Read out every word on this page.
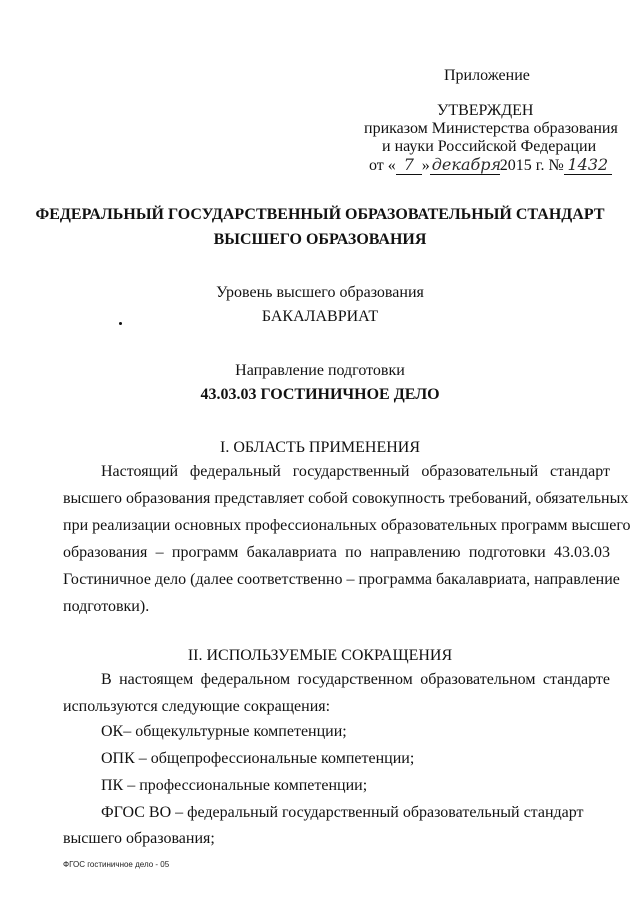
Приложение
УТВЕРЖДЕН
приказом Министерства образования
и науки Российской Федерации
от « 7 » декабря2015 г. № 1432
ФЕДЕРАЛЬНЫЙ ГОСУДАРСТВЕННЫЙ ОБРАЗОВАТЕЛЬНЫЙ СТАНДАРТ
ВЫСШЕГО ОБРАЗОВАНИЯ
Уровень высшего образования
БАКАЛАВРИАТ
Направление подготовки
43.03.03 ГОСТИНИЧНОЕ ДЕЛО
I. ОБЛАСТЬ ПРИМЕНЕНИЯ
Настоящий федеральный государственный образовательный стандарт
высшего образования представляет собой совокупность требований, обязательных
при реализации основных профессиональных образовательных программ высшего
образования – программ бакалавриата по направлению подготовки 43.03.03
Гостиничное дело (далее соответственно – программа бакалавриата, направление
подготовки).
II. ИСПОЛЬЗУЕМЫЕ СОКРАЩЕНИЯ
В настоящем федеральном государственном образовательном стандарте
используются следующие сокращения:
ОК– общекультурные компетенции;
ОПК – общепрофессиональные компетенции;
ПК – профессиональные компетенции;
ФГОС ВО – федеральный государственный образовательный стандарт
высшего образования;
ФГОС гостиничное дело - 05
